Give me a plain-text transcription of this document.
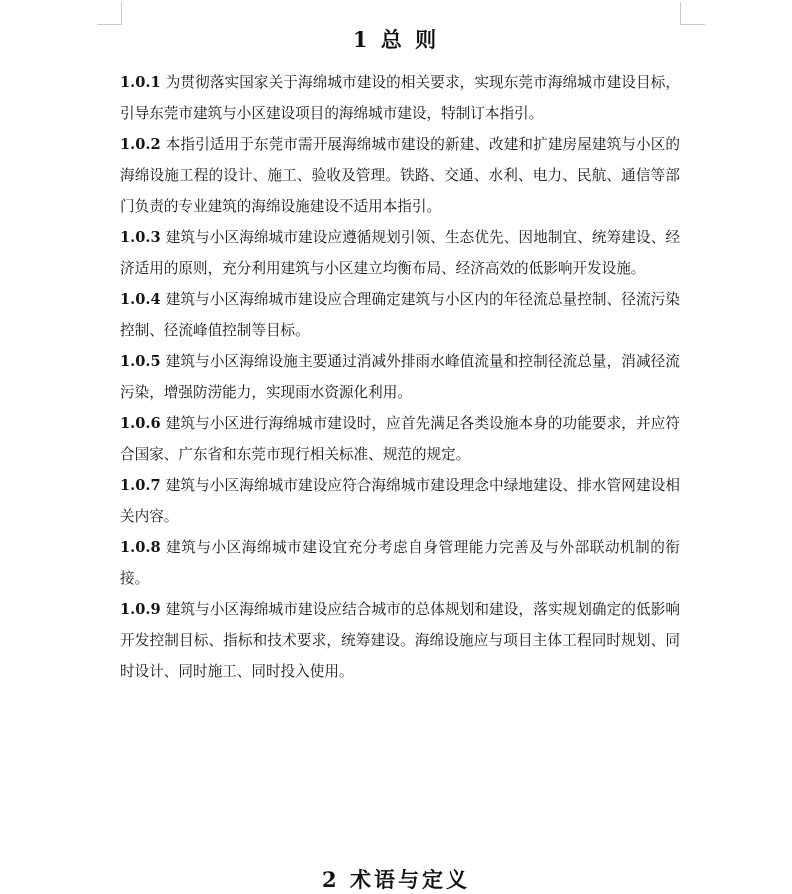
1 总 则

1.0.1 为贯彻落实国家关于海绵城市建设的相关要求，实现东莞市海绵城市建设目标，引导东莞市建筑与小区建设项目的海绵城市建设，特制订本指引。

1.0.2 本指引适用于东莞市需开展海绵城市建设的新建、改建和扩建房屋建筑与小区的海绵设施工程的设计、施工、验收及管理。铁路、交通、水利、电力、民航、通信等部门负责的专业建筑的海绵设施建设不适用本指引。

1.0.3 建筑与小区海绵城市建设应遵循规划引领、生态优先、因地制宜、统筹建设、经济适用的原则，充分利用建筑与小区建立均衡布局、经济高效的低影响开发设施。

1.0.4 建筑与小区海绵城市建设应合理确定建筑与小区内的年径流总量控制、径流污染控制、径流峰值控制等目标。

1.0.5 建筑与小区海绵设施主要通过消减外排雨水峰值流量和控制径流总量，消减径流污染，增强防涝能力，实现雨水资源化利用。

1.0.6 建筑与小区进行海绵城市建设时，应首先满足各类设施本身的功能要求，并应符合国家、广东省和东莞市现行相关标准、规范的规定。

1.0.7 建筑与小区海绵城市建设应符合海绵城市建设理念中绿地建设、排水管网建设相关内容。

1.0.8 建筑与小区海绵城市建设宜充分考虑自身管理能力完善及与外部联动机制的衔接。

1.0.9 建筑与小区海绵城市建设应结合城市的总体规划和建设，落实规划确定的低影响开发控制目标、指标和技术要求，统筹建设。海绵设施应与项目主体工程同时规划、同时设计、同时施工、同时投入使用。

2 术语与定义
